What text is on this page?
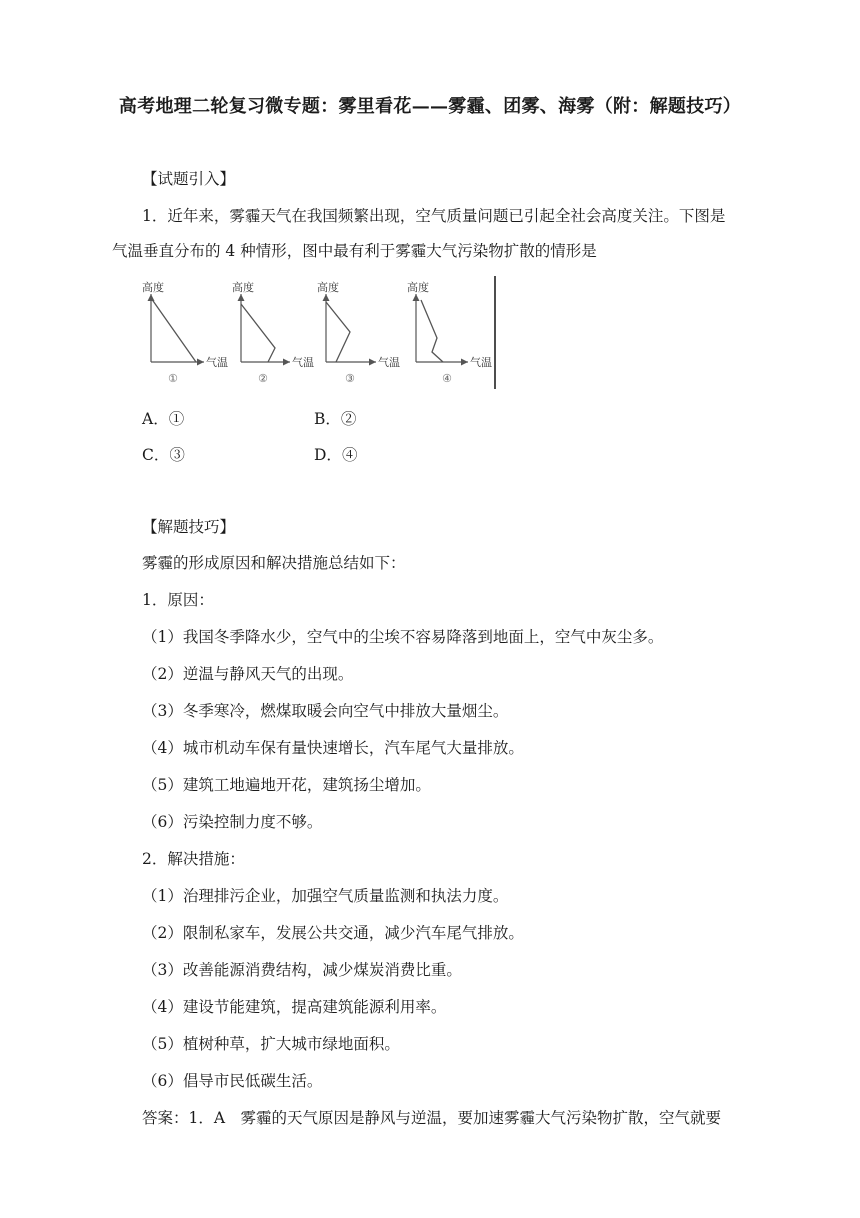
高考地理二轮复习微专题：雾里看花——雾霾、团雾、海雾（附：解题技巧）
【试题引入】
1．近年来，雾霾天气在我国频繁出现，空气质量问题已引起全社会高度关注。下图是
气温垂直分布的 4 种情形，图中最有利于雾霾大气污染物扩散的情形是
高度
气温
①
高度
气温
②
高度
气温
③
高度
气温
④
A．①	B．②
C．③	D．④
【解题技巧】
雾霾的形成原因和解决措施总结如下：
1．原因：
（1）我国冬季降水少，空气中的尘埃不容易降落到地面上，空气中灰尘多。
（2）逆温与静风天气的出现。
（3）冬季寒冷，燃煤取暖会向空气中排放大量烟尘。
（4）城市机动车保有量快速增长，汽车尾气大量排放。
（5）建筑工地遍地开花，建筑扬尘增加。
（6）污染控制力度不够。
2．解决措施：
（1）治理排污企业，加强空气质量监测和执法力度。
（2）限制私家车，发展公共交通，减少汽车尾气排放。
（3）改善能源消费结构，减少煤炭消费比重。
（4）建设节能建筑，提高建筑能源利用率。
（5）植树种草，扩大城市绿地面积。
（6）倡导市民低碳生活。
答案：1．A　雾霾的天气原因是静风与逆温，要加速雾霾大气污染物扩散，空气就要
